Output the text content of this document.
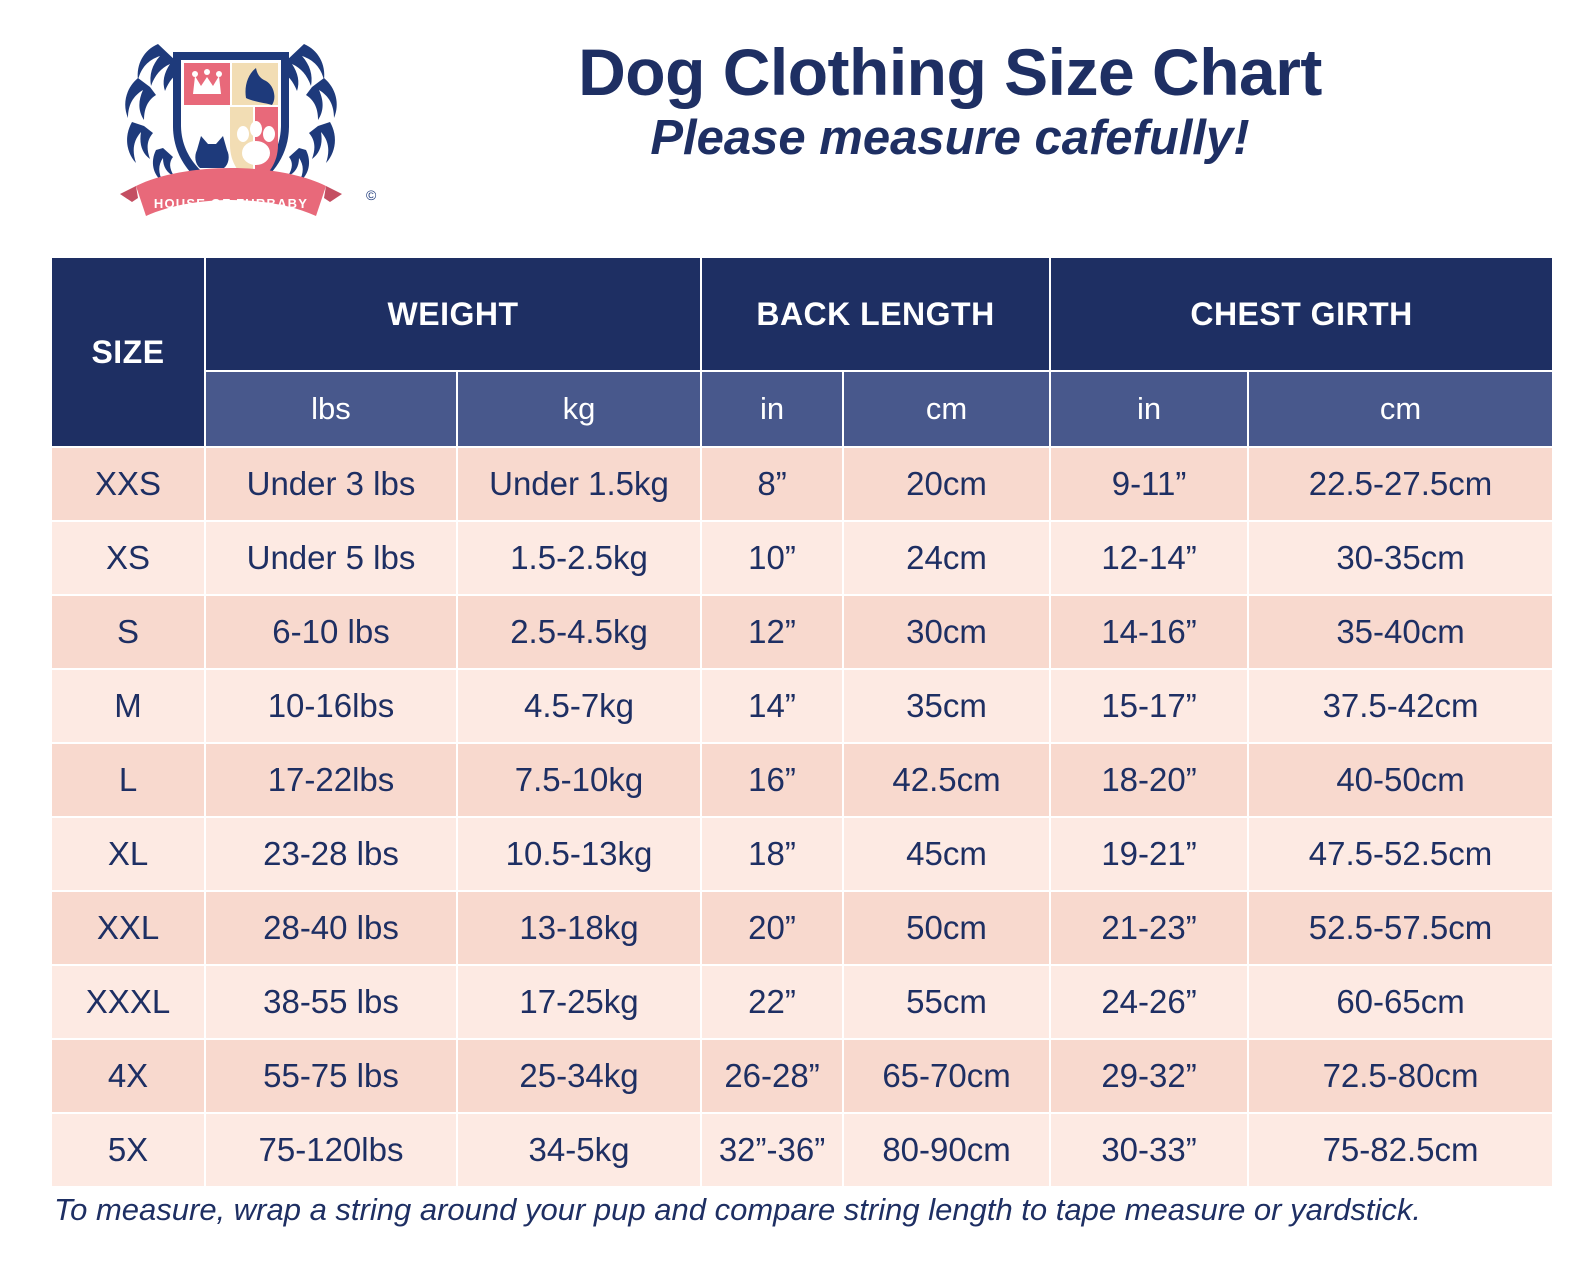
HOUSE OF FURBABY
©
Dog Clothing Size Chart
Please measure cafefully!
SIZE	WEIGHT		BACK LENGTH		CHEST GIRTH	
	lbs	kg	in	cm	in	cm
XXS	Under 3 lbs	Under 1.5kg	8”	20cm	9-11”	22.5-27.5cm
XS	Under 5 lbs	1.5-2.5kg	10”	24cm	12-14”	30-35cm
S	6-10 lbs	2.5-4.5kg	12”	30cm	14-16”	35-40cm
M	10-16lbs	4.5-7kg	14”	35cm	15-17”	37.5-42cm
L	17-22lbs	7.5-10kg	16”	42.5cm	18-20”	40-50cm
XL	23-28 lbs	10.5-13kg	18”	45cm	19-21”	47.5-52.5cm
XXL	28-40 lbs	13-18kg	20”	50cm	21-23”	52.5-57.5cm
XXXL	38-55 lbs	17-25kg	22”	55cm	24-26”	60-65cm
4X	55-75 lbs	25-34kg	26-28”	65-70cm	29-32”	72.5-80cm
5X	75-120lbs	34-5kg	32”-36”	80-90cm	30-33”	75-82.5cm
To measure, wrap a string around your pup and compare string length to tape measure or yardstick.
